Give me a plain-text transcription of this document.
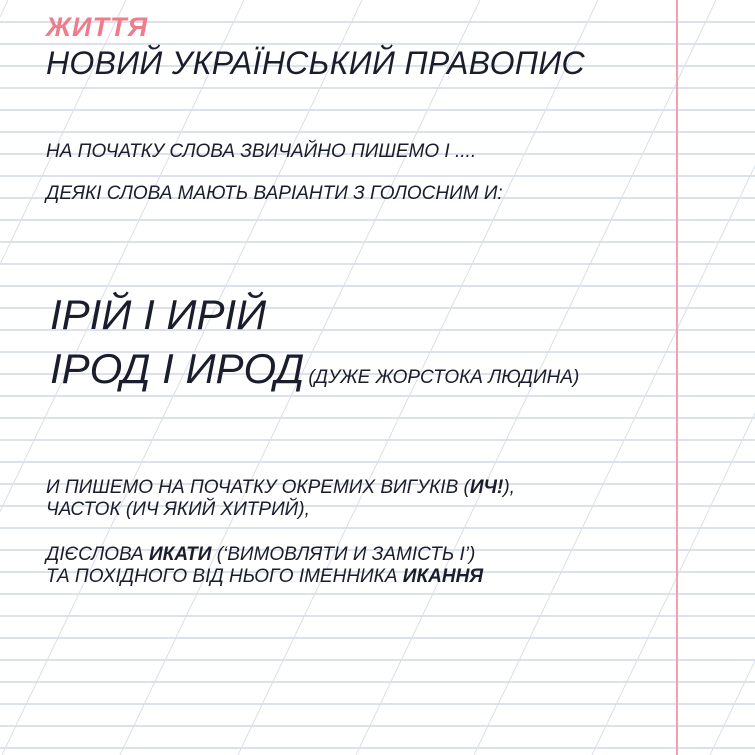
ЖИТТЯ
НОВИЙ УКРАЇНСЬКИЙ ПРАВОПИС
НА ПОЧАТКУ СЛОВА ЗВИЧАЙНО ПИШЕМО І ....
ДЕЯКІ СЛОВА МАЮТЬ ВАРІАНТИ З ГОЛОСНИМ И:
ІРІЙ І ИРІЙ
ІРОД І ИРОД (ДУЖЕ ЖОРСТОКА ЛЮДИНА)
И ПИШЕМО НА ПОЧАТКУ ОКРЕМИХ ВИГУКІВ (ИЧ!),
ЧАСТОК (ИЧ ЯКИЙ ХИТРИЙ),
ДІЄСЛОВА ИКАТИ (‘ВИМОВЛЯТИ И ЗАМІСТЬ І’)
ТА ПОХІДНОГО ВІД НЬОГО ІМЕННИКА ИКАННЯ
